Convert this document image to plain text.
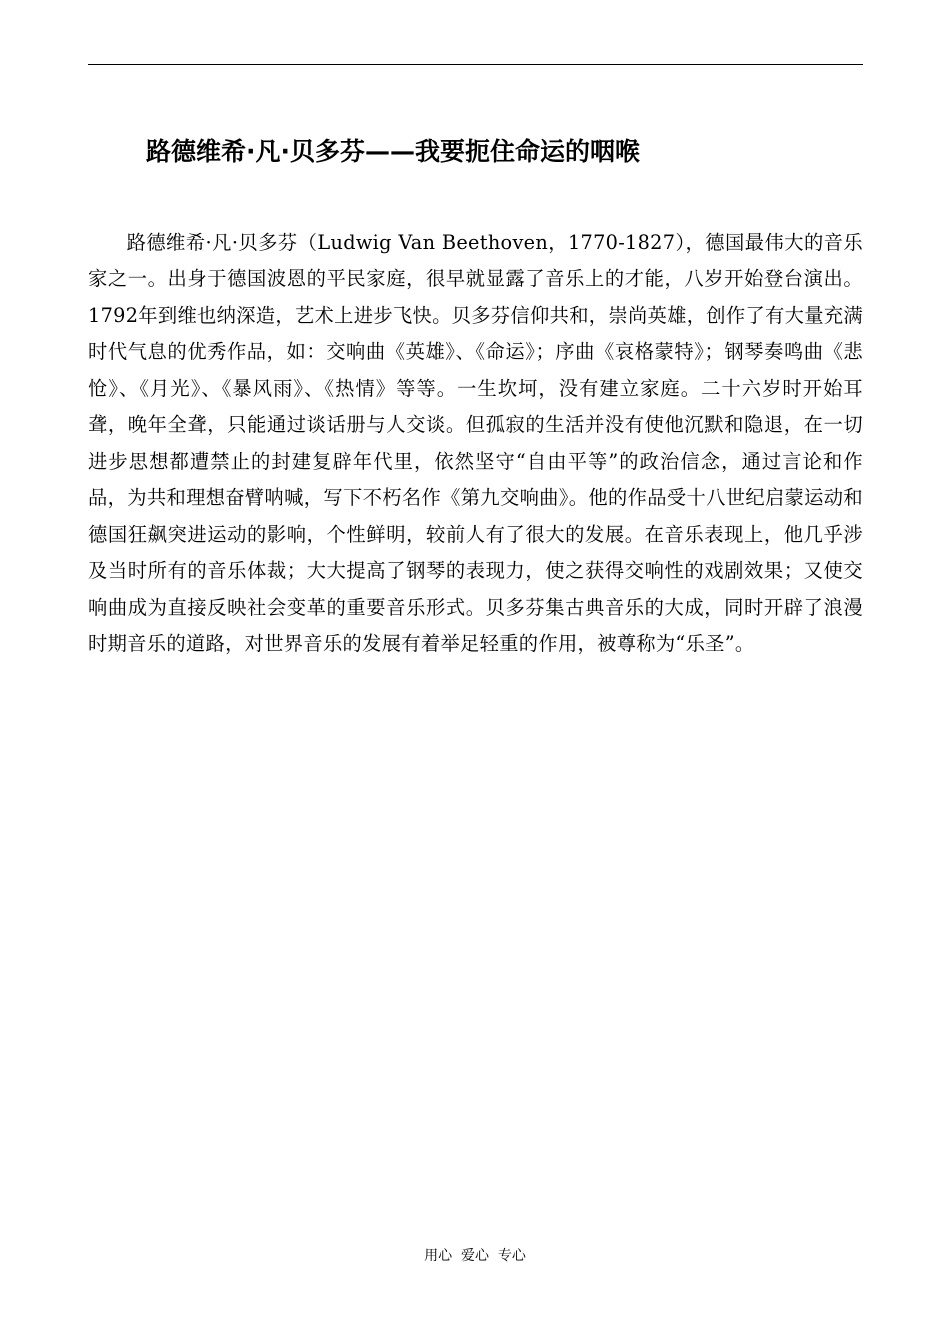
路德维希·凡·贝多芬——我要扼住命运的咽喉

路德维希·凡·贝多芬（Ludwig Van Beethoven，1770-1827），德国最伟大的音乐家之一。出身于德国波恩的平民家庭，很早就显露了音乐上的才能，八岁开始登台演出。1792年到维也纳深造，艺术上进步飞快。贝多芬信仰共和，崇尚英雄，创作了有大量充满时代气息的优秀作品，如：交响曲《英雄》、《命运》；序曲《哀格蒙特》；钢琴奏鸣曲《悲怆》、《月光》、《暴风雨》、《热情》等等。一生坎坷，没有建立家庭。二十六岁时开始耳聋，晚年全聋，只能通过谈话册与人交谈。但孤寂的生活并没有使他沉默和隐退，在一切进步思想都遭禁止的封建复辟年代里，依然坚守“自由平等”的政治信念，通过言论和作品，为共和理想奋臂呐喊，写下不朽名作《第九交响曲》。他的作品受十八世纪启蒙运动和德国狂飙突进运动的影响，个性鲜明，较前人有了很大的发展。在音乐表现上，他几乎涉及当时所有的音乐体裁；大大提高了钢琴的表现力，使之获得交响性的戏剧效果；又使交响曲成为直接反映社会变革的重要音乐形式。贝多芬集古典音乐的大成，同时开辟了浪漫时期音乐的道路，对世界音乐的发展有着举足轻重的作用，被尊称为“乐圣”。

用心  爱心  专心
